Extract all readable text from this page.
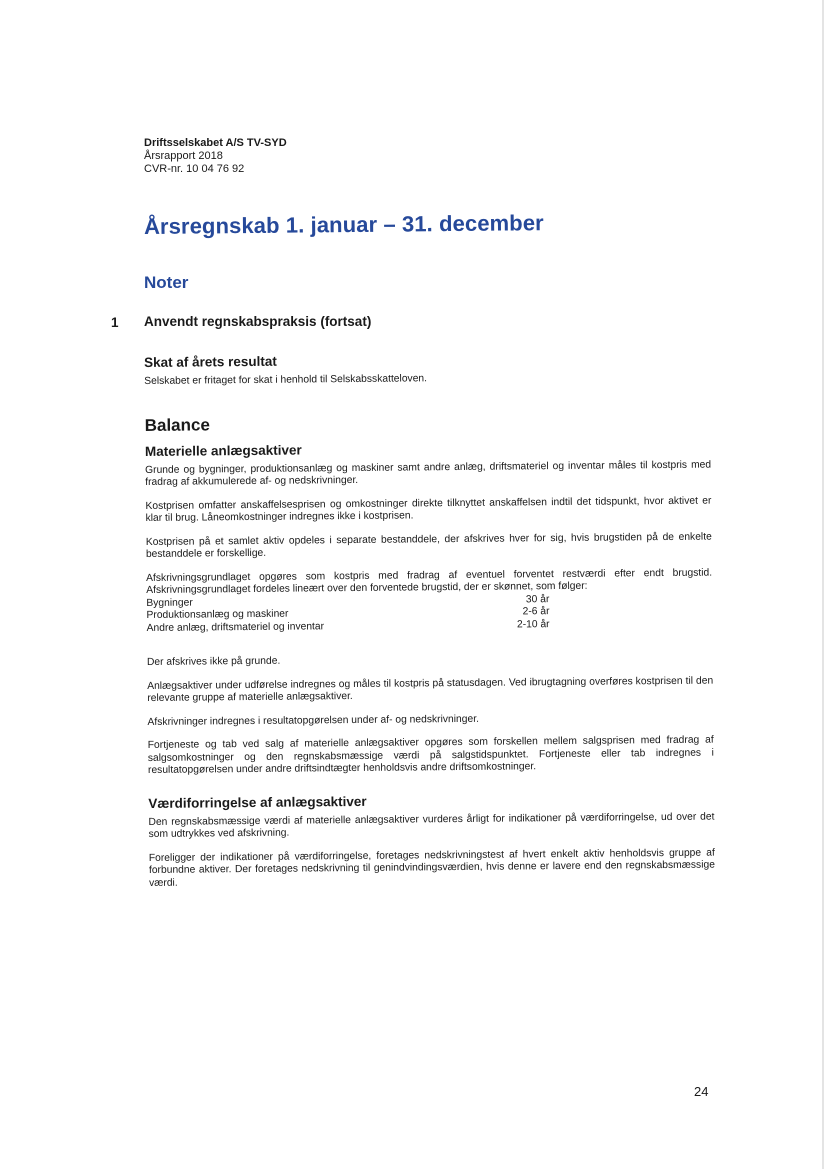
Driftsselskabet A/S TV-SYD
Årsrapport 2018
CVR-nr. 10 04 76 92
Årsregnskab 1. januar – 31. december
Noter
1 Anvendt regnskabspraksis (fortsat)
Skat af årets resultat
Selskabet er fritaget for skat i henhold til Selskabsskatteloven.
Balance
Materielle anlægsaktiver
Grunde og bygninger, produktionsanlæg og maskiner samt andre anlæg, driftsmateriel og inventar måles til kostpris med fradrag af akkumulerede af- og nedskrivninger.
Kostprisen omfatter anskaffelsesprisen og omkostninger direkte tilknyttet anskaffelsen indtil det tidspunkt, hvor aktivet er klar til brug. Låneomkostninger indregnes ikke i kostprisen.
Kostprisen på et samlet aktiv opdeles i separate bestanddele, der afskrives hver for sig, hvis brugstiden på de enkelte bestanddele er forskellige.
Afskrivningsgrundlaget opgøres som kostpris med fradrag af eventuel forventet restværdi efter endt brugstid. Afskrivningsgrundlaget fordeles lineært over den forventede brugstid, der er skønnet, som følger:
Bygninger	30 år
Produktionsanlæg og maskiner	2-6 år
Andre anlæg, driftsmateriel og inventar	2-10 år
Der afskrives ikke på grunde.
Anlægsaktiver under udførelse indregnes og måles til kostpris på statusdagen. Ved ibrugtagning overføres kostprisen til den relevante gruppe af materielle anlægsaktiver.
Afskrivninger indregnes i resultatopgørelsen under af- og nedskrivninger.
Fortjeneste og tab ved salg af materielle anlægsaktiver opgøres som forskellen mellem salgsprisen med fradrag af salgsomkostninger og den regnskabsmæssige værdi på salgstidspunktet. Fortjeneste eller tab indregnes i resultatopgørelsen under andre driftsindtægter henholdsvis andre driftsomkostninger.
Værdiforringelse af anlægsaktiver
Den regnskabsmæssige værdi af materielle anlægsaktiver vurderes årligt for indikationer på værdiforringelse, ud over det som udtrykkes ved afskrivning.
Foreligger der indikationer på værdiforringelse, foretages nedskrivningstest af hvert enkelt aktiv henholdsvis gruppe af forbundne aktiver. Der foretages nedskrivning til genindvindingsværdien, hvis denne er lavere end den regnskabsmæssige værdi.
24
